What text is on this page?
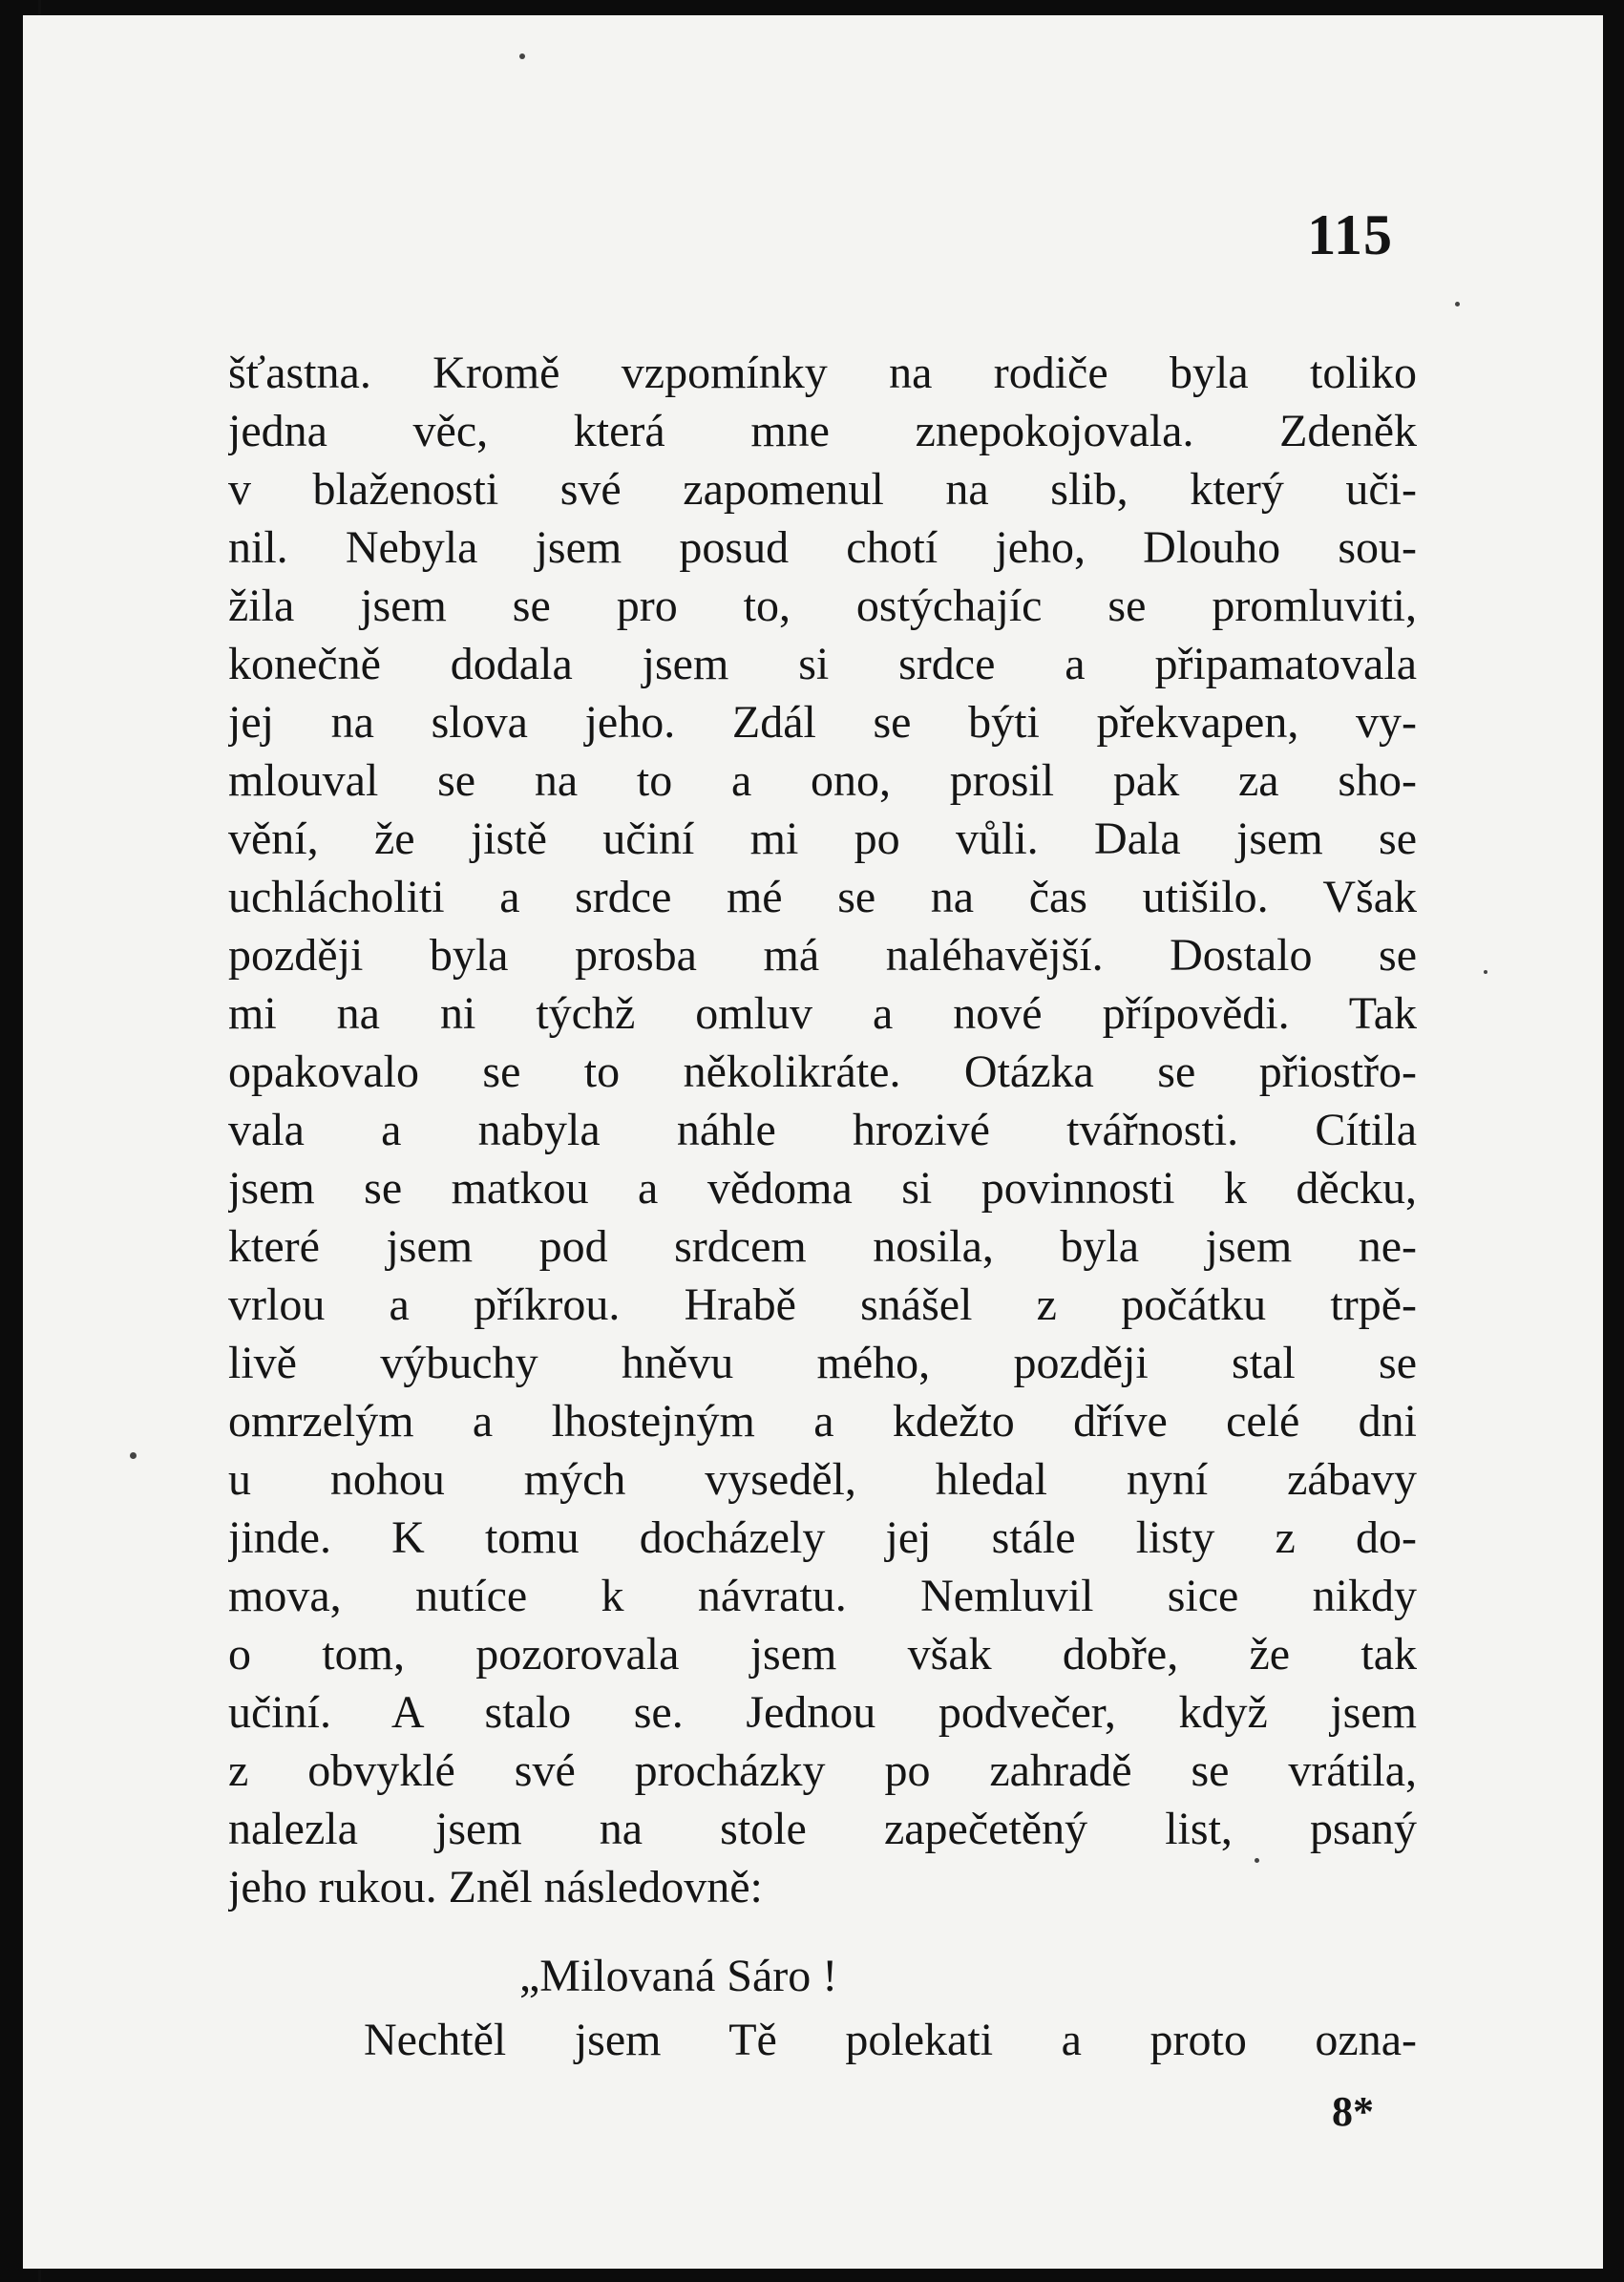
115
šťastna. Kromě vzpomínky na rodiče byla toliko
jedna věc, která mne znepokojovala. Zdeněk
v blaženosti své zapomenul na slib, který uči-
nil. Nebyla jsem posud chotí jeho, Dlouho sou-
žila jsem se pro to, ostýchajíc se promluviti,
konečně dodala jsem si srdce a připamatovala
jej na slova jeho. Zdál se býti překvapen, vy-
mlouval se na to a ono, prosil pak za sho-
vění, že jistě učiní mi po vůli. Dala jsem se
uchlácholiti a srdce mé se na čas utišilo. Však
později byla prosba má naléhavější. Dostalo se
mi na ni týchž omluv a nové přípovědi. Tak
opakovalo se to několikráte. Otázka se přiostřo-
vala a nabyla náhle hrozivé tvářnosti. Cítila
jsem se matkou a vědoma si povinnosti k děcku,
které jsem pod srdcem nosila, byla jsem ne-
vrlou a příkrou. Hrabě snášel z počátku trpě-
livě výbuchy hněvu mého, později stal se
omrzelým a lhostejným a kdežto dříve celé dni
u nohou mých vyseděl, hledal nyní zábavy
jinde. K tomu docházely jej stále listy z do-
mova, nutíce k návratu. Nemluvil sice nikdy
o tom, pozorovala jsem však dobře, že tak
učiní. A stalo se. Jednou podvečer, když jsem
z obvyklé své procházky po zahradě se vrátila,
nalezla jsem na stole zapečetěný list, psaný
jeho rukou. Zněl následovně:
„Milovaná Sáro !
Nechtěl jsem Tě polekati a proto ozna-
8*
